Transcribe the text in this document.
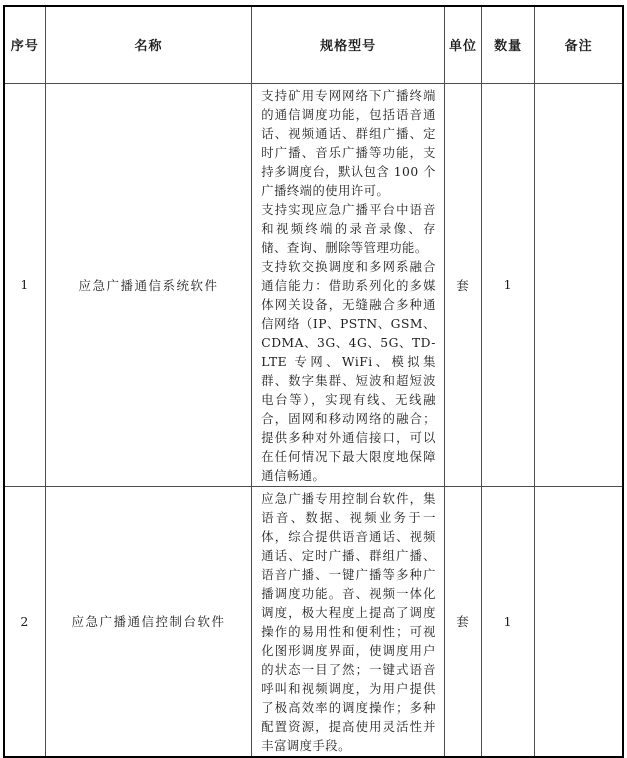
序号	名称	规格型号	单位	数量	备注
1	应急广播通信系统软件	支持矿用专网网络下广播终端的通信调度功能，包括语音通话、视频通话、群组广播、定时广播、音乐广播等功能，支持多调度台，默认包含 100 个广播终端的使用许可。

支持实现应急广播平台中语音和视频终端的录音录像、存储、查询、删除等管理功能。

支持软交换调度和多网系融合通信能力：借助系列化的多媒体网关设备，无缝融合多种通信网络（IP、PSTN、GSM、CDMA、3G、4G、5G、TD-LTE 专网、WiFi、模拟集群、数字集群、短波和超短波电台等），实现有线、无线融合，固网和移动网络的融合；提供多种对外通信接口，可以在任何情况下最大限度地保障通信畅通。	套	1	
2	应急广播通信控制台软件	应急广播专用控制台软件，集语音、数据、视频业务于一体，综合提供语音通话、视频通话、定时广播、群组广播、语音广播、一键广播等多种广播调度功能。音、视频一体化调度，极大程度上提高了调度操作的易用性和便利性；可视化图形调度界面，使调度用户的状态一目了然；一键式语音呼叫和视频调度，为用户提供了极高效率的调度操作；多种配置资源，提高使用灵活性并丰富调度手段。	套	1	
